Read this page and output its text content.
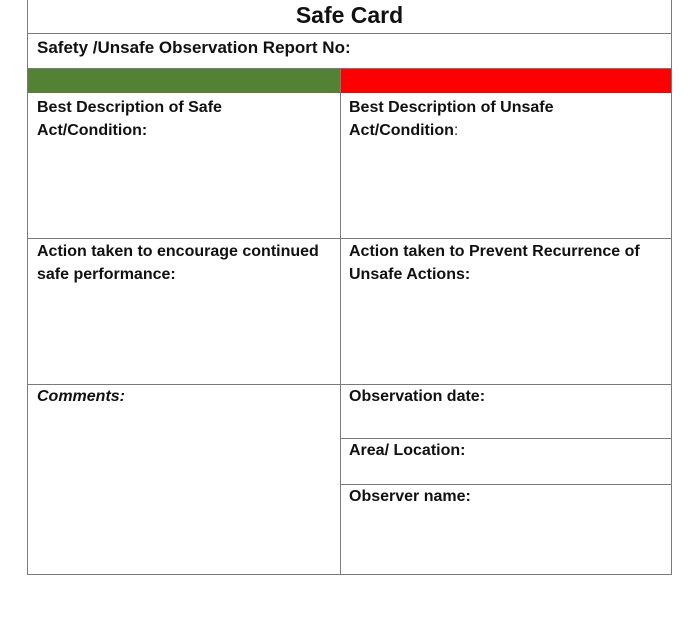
Safe Card
Safety /Unsafe Observation Report No:
Best Description of Safe
Act/Condition:
Best Description of Unsafe
Act/Condition:
Action taken to encourage continued
safe performance:
Action taken to Prevent Recurrence of
Unsafe Actions:
Comments:	Observation date:
Area/ Location:
Observer name:
